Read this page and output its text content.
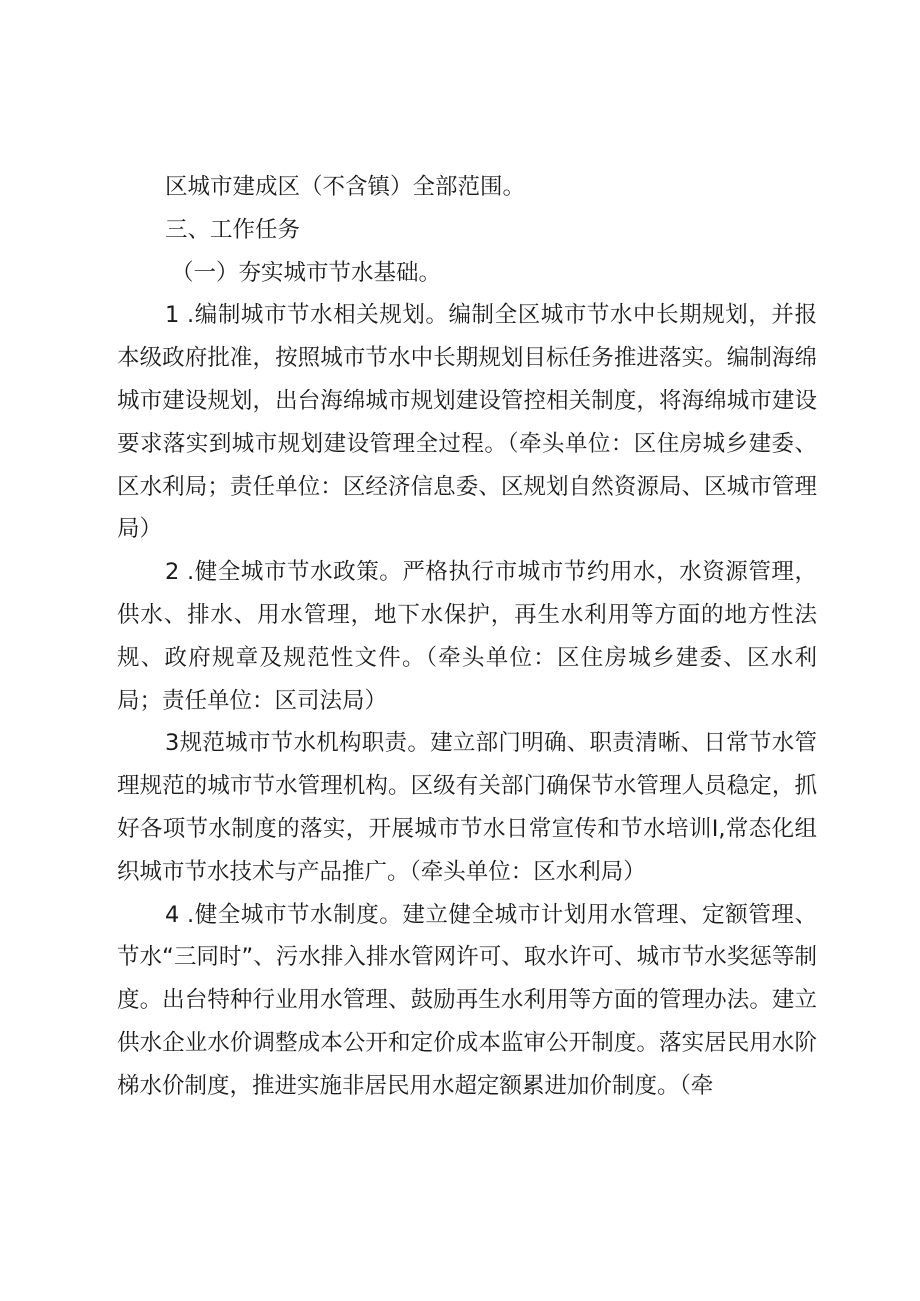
区城市建成区（不含镇）全部范围。

三、工作任务

（一）夯实城市节水基础。

1 .编制城市节水相关规划。编制全区城市节水中长期规划，并报本级政府批准，按照城市节水中长期规划目标任务推进落实。编制海绵城市建设规划，出台海绵城市规划建设管控相关制度，将海绵城市建设要求落实到城市规划建设管理全过程。（牵头单位：区住房城乡建委、区水利局；责任单位：区经济信息委、区规划自然资源局、区城市管理局）

2 .健全城市节水政策。严格执行市城市节约用水，水资源管理，供水、排水、用水管理，地下水保护，再生水利用等方面的地方性法规、政府规章及规范性文件。（牵头单位：区住房城乡建委、区水利局；责任单位：区司法局）

3规范城市节水机构职责。建立部门明确、职责清晰、日常节水管理规范的城市节水管理机构。区级有关部门确保节水管理人员稳定，抓好各项节水制度的落实，开展城市节水日常宣传和节水培训I,常态化组织城市节水技术与产品推广。（牵头单位：区水利局）

4 .健全城市节水制度。建立健全城市计划用水管理、定额管理、节水“三同时”、污水排入排水管网许可、取水许可、城市节水奖惩等制度。出台特种行业用水管理、鼓励再生水利用等方面的管理办法。建立供水企业水价调整成本公开和定价成本监审公开制度。落实居民用水阶梯水价制度，推进实施非居民用水超定额累进加价制度。（牵
